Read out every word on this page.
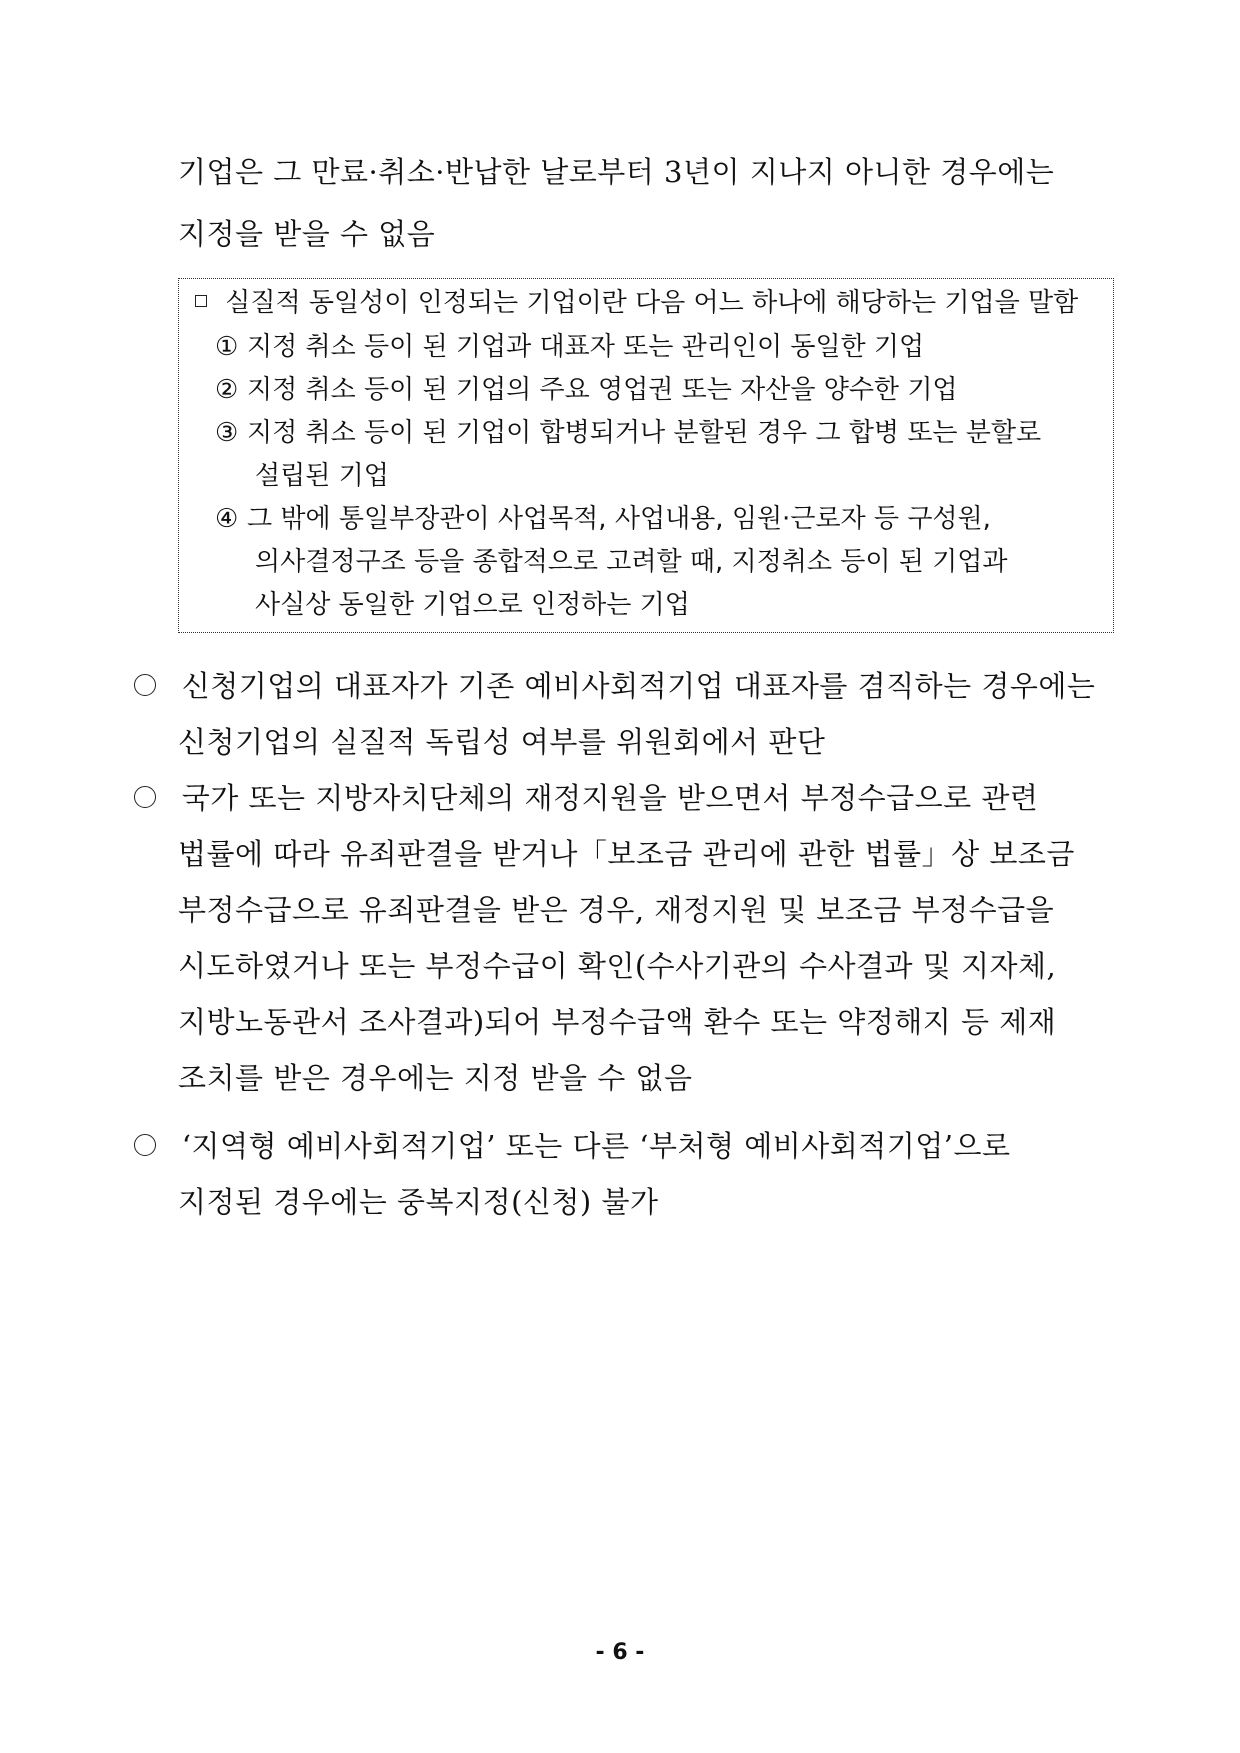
기업은 그 만료·취소·반납한 날로부터 3년이 지나지 아니한 경우에는
지정을 받을 수 없음
실질적 동일성이 인정되는 기업이란 다음 어느 하나에 해당하는 기업을 말함
① 지정 취소 등이 된 기업과 대표자 또는 관리인이 동일한 기업
② 지정 취소 등이 된 기업의 주요 영업권 또는 자산을 양수한 기업
③ 지정 취소 등이 된 기업이 합병되거나 분할된 경우 그 합병 또는 분할로
설립된 기업
④ 그 밖에 통일부장관이 사업목적, 사업내용, 임원·근로자 등 구성원,
의사결정구조 등을 종합적으로 고려할 때, 지정취소 등이 된 기업과
사실상 동일한 기업으로 인정하는 기업
신청기업의 대표자가 기존 예비사회적기업 대표자를 겸직하는 경우에는
신청기업의 실질적 독립성 여부를 위원회에서 판단
국가 또는 지방자치단체의 재정지원을 받으면서 부정수급으로 관련
법률에 따라 유죄판결을 받거나「보조금 관리에 관한 법률」상 보조금
부정수급으로 유죄판결을 받은 경우, 재정지원 및 보조금 부정수급을
시도하였거나 또는 부정수급이 확인(수사기관의 수사결과 및 지자체,
지방노동관서 조사결과)되어 부정수급액 환수 또는 약정해지 등 제재
조치를 받은 경우에는 지정 받을 수 없음
‘지역형 예비사회적기업’ 또는 다른 ‘부처형 예비사회적기업’으로
지정된 경우에는 중복지정(신청) 불가
- 6 -
